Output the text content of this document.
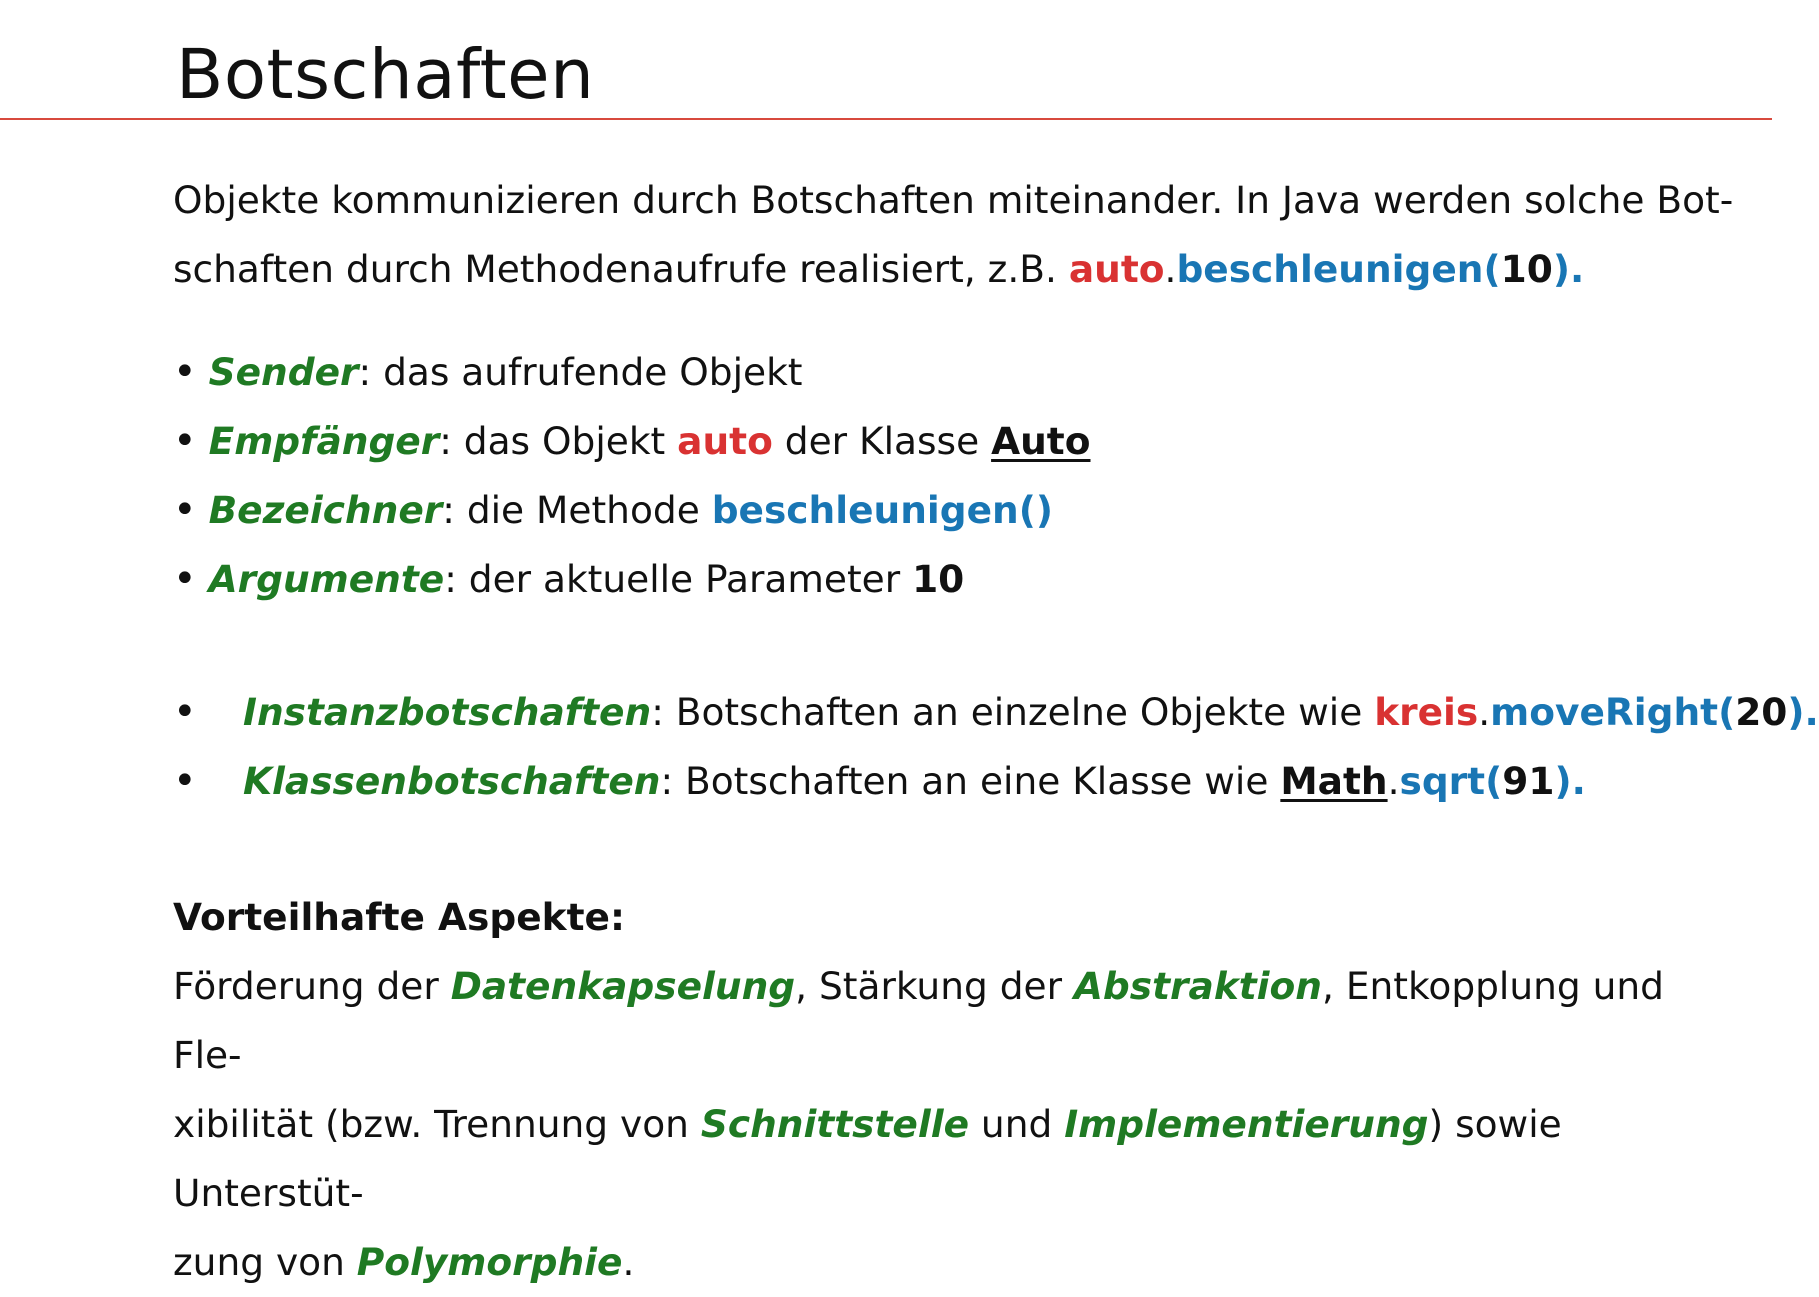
Botschaften

Objekte kommunizieren durch Botschaften miteinander. In Java werden solche Bot-
schaften durch Methodenaufrufe realisiert, z.B. auto.beschleunigen(10).

• Sender: das aufrufende Objekt
• Empfänger: das Objekt auto der Klasse Auto
• Bezeichner: die Methode beschleunigen()
• Argumente: der aktuelle Parameter 10
• Instanzbotschaften: Botschaften an einzelne Objekte wie kreis.moveRight(20).
• Klassenbotschaften: Botschaften an eine Klasse wie Math.sqrt(91).

Vorteilhafte Aspekte:

Förderung der Datenkapselung, Stärkung der Abstraktion, Entkopplung und Fle-
xibilität (bzw. Trennung von Schnittstelle und Implementierung) sowie Unterstüt-
zung von Polymorphie.
